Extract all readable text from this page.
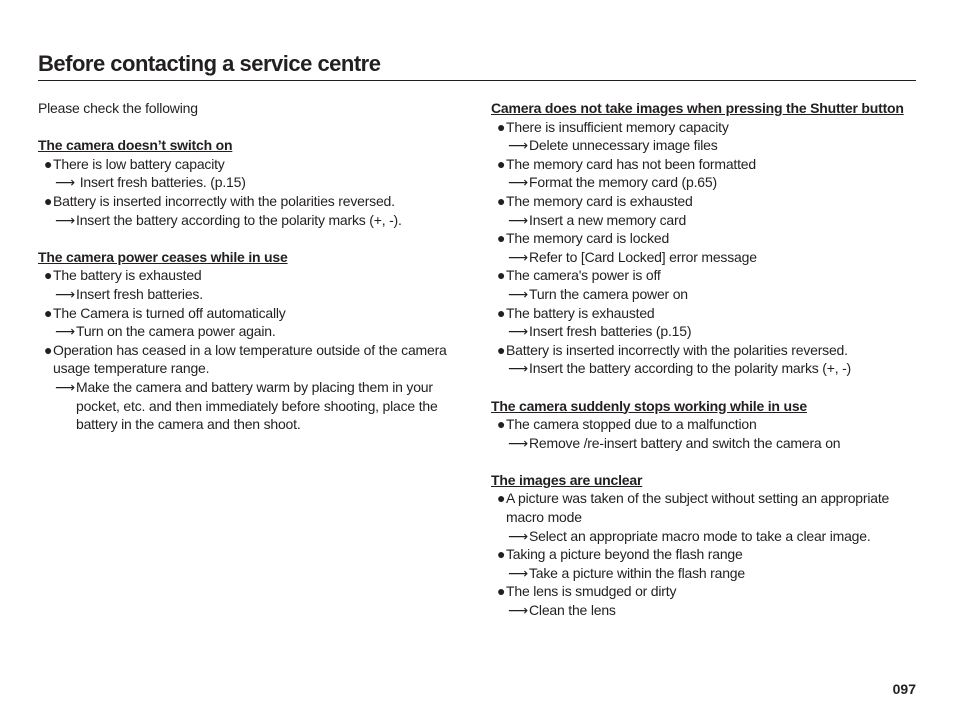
Before contacting a service centre
Please check the following
The camera doesn’t switch on
●There is low battery capacity
⟶ Insert fresh batteries. (p.15)
●Battery is inserted incorrectly with the polarities reversed.
⟶Insert the battery according to the polarity marks (+, -).
The camera power ceases while in use
●The battery is exhausted
⟶Insert fresh batteries.
●The Camera is turned off automatically
⟶Turn on the camera power again.
●Operation has ceased in a low temperature outside of the camera
usage temperature range.
⟶ Make the camera and battery warm by placing them in your
pocket, etc. and then immediately before shooting, place the
battery in the camera and then shoot.
Camera does not take images when pressing the Shutter button
●There is insufficient memory capacity
⟶Delete unnecessary image files
●The memory card has not been formatted
⟶Format the memory card (p.65)
●The memory card is exhausted
⟶Insert a new memory card
●The memory card is locked
⟶Refer to [Card Locked] error message
●The camera's power is off
⟶Turn the camera power on
●The battery is exhausted
⟶Insert fresh batteries (p.15)
●Battery is inserted incorrectly with the polarities reversed.
⟶Insert the battery according to the polarity marks (+, -)
The camera suddenly stops working while in use
●The camera stopped due to a malfunction
⟶Remove /re-insert battery and switch the camera on
The images are unclear
●A picture was taken of the subject without setting an appropriate
macro mode
⟶Select an appropriate macro mode to take a clear image.
●Taking a picture beyond the flash range
⟶Take a picture within the flash range
●The lens is smudged or dirty
⟶Clean the lens
097
